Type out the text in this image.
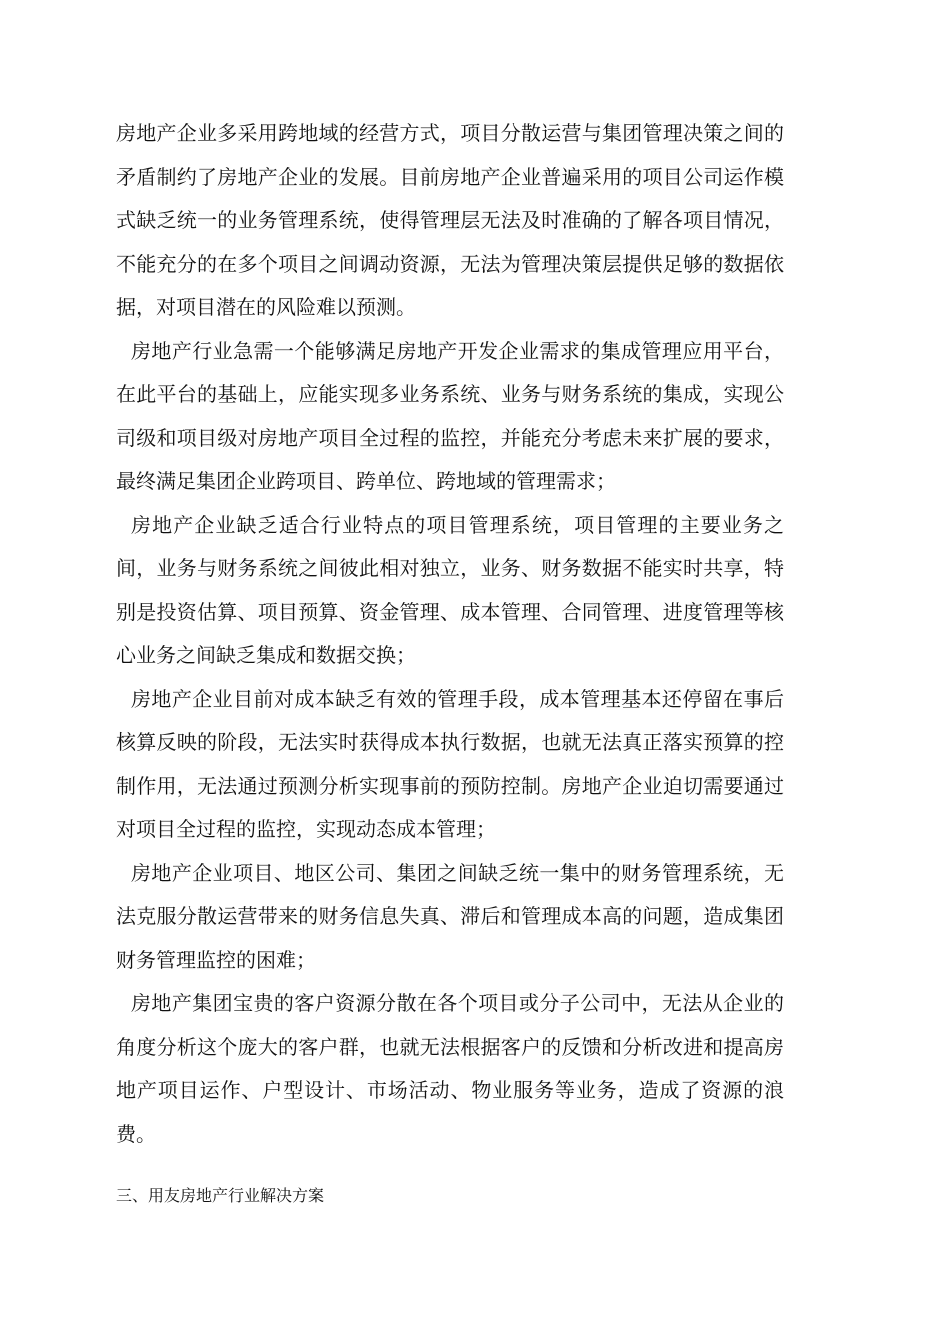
房地产企业多采用跨地域的经营方式，项目分散运营与集团管理决策之间的矛盾制约了房地产企业的发展。目前房地产企业普遍采用的项目公司运作模式缺乏统一的业务管理系统，使得管理层无法及时准确的了解各项目情况，不能充分的在多个项目之间调动资源，无法为管理决策层提供足够的数据依据，对项目潜在的风险难以预测。

房地产行业急需一个能够满足房地产开发企业需求的集成管理应用平台，在此平台的基础上，应能实现多业务系统、业务与财务系统的集成，实现公司级和项目级对房地产项目全过程的监控，并能充分考虑未来扩展的要求，最终满足集团企业跨项目、跨单位、跨地域的管理需求；

房地产企业缺乏适合行业特点的项目管理系统，项目管理的主要业务之间，业务与财务系统之间彼此相对独立，业务、财务数据不能实时共享，特别是投资估算、项目预算、资金管理、成本管理、合同管理、进度管理等核心业务之间缺乏集成和数据交换；

房地产企业目前对成本缺乏有效的管理手段，成本管理基本还停留在事后核算反映的阶段，无法实时获得成本执行数据，也就无法真正落实预算的控制作用，无法通过预测分析实现事前的预防控制。房地产企业迫切需要通过对项目全过程的监控，实现动态成本管理；

房地产企业项目、地区公司、集团之间缺乏统一集中的财务管理系统，无法克服分散运营带来的财务信息失真、滞后和管理成本高的问题，造成集团财务管理监控的困难；

房地产集团宝贵的客户资源分散在各个项目或分子公司中，无法从企业的角度分析这个庞大的客户群，也就无法根据客户的反馈和分析改进和提高房地产项目运作、户型设计、市场活动、物业服务等业务，造成了资源的浪费。

三、用友房地产行业解决方案
